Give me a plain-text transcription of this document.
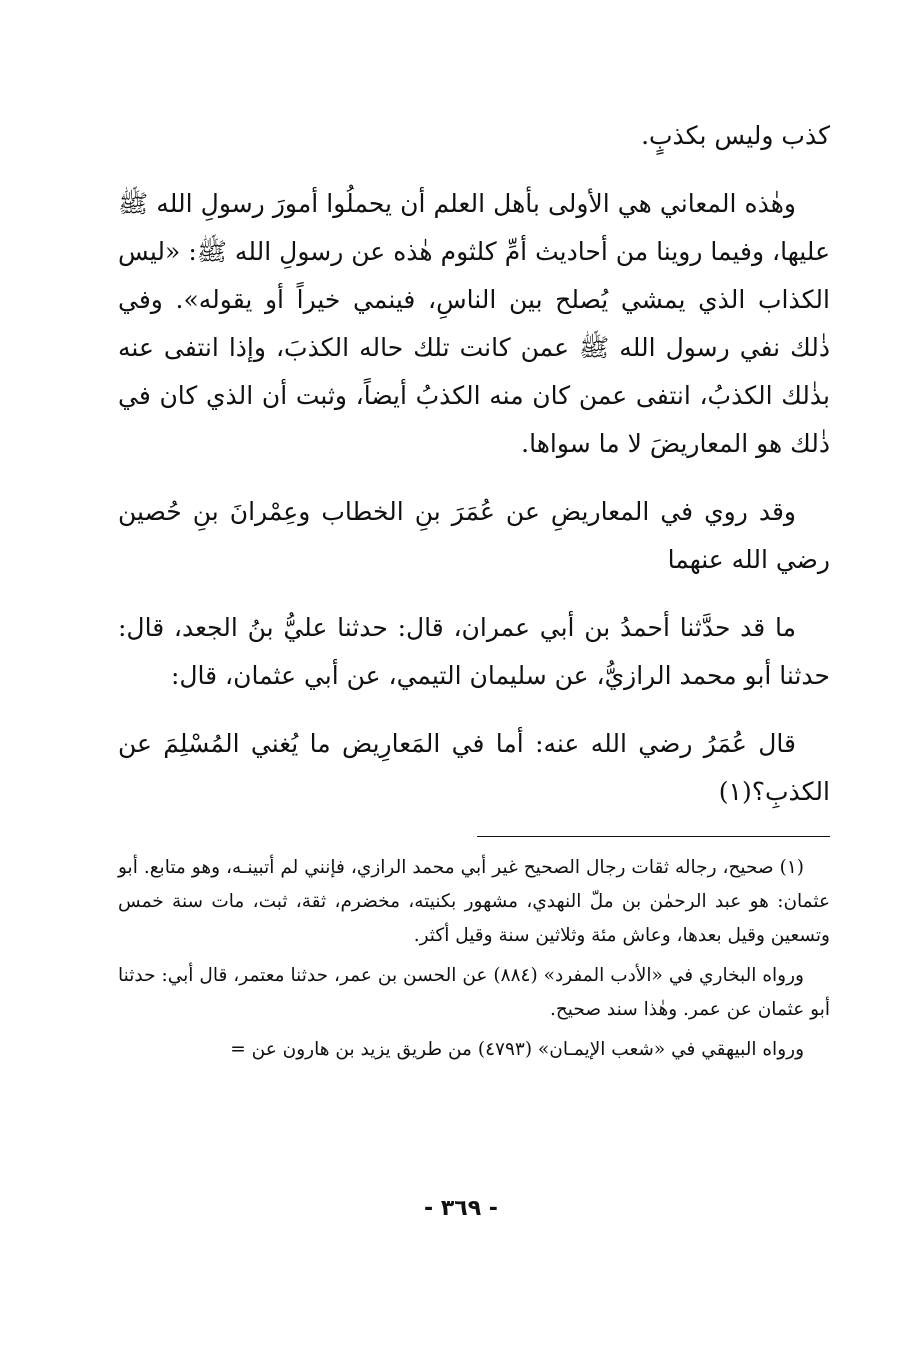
كذب وليس بكذبٍ.

وهٰذه المعاني هي الأولى بأهل العلم أن يحملُوا أمورَ رسولِ الله ﷺ عليها، وفيما روينا من أحاديث أمِّ كلثوم هٰذه عن رسولِ الله ﷺ: «ليس الكذاب الذي يمشي يُصلح بين الناسِ، فينمي خيراً أو يقوله». وفي ذٰلك نفي رسول الله ﷺ عمن كانت تلك حاله الكذبَ، وإذا انتفى عنه بذٰلك الكذبُ، انتفى عمن كان منه الكذبُ أيضاً، وثبت أن الذي كان في ذٰلك هو المعاريضَ لا ما سواها.

وقد روي في المعاريضِ عن عُمَرَ بنِ الخطاب وعِمْرانَ بنِ حُصين رضي الله عنهما

ما قد حدَّثنا أحمدُ بن أبي عمران، قال: حدثنا عليُّ بنُ الجعد، قال: حدثنا أبو محمد الرازيُّ، عن سليمان التيمي، عن أبي عثمان، قال:

قال عُمَرُ رضي الله عنه: أما في المَعارِيض ما يُغني المُسْلِمَ عن الكذبِ؟(١)

(١) صحيح، رجاله ثقات رجال الصحيح غير أبي محمد الرازي، فإنني لم أتبينـه، وهو متابع. أبو عثمان: هو عبد الرحمٰن بن ملّ النهدي، مشهور بكنيته، مخضرم، ثقة، ثبت، مات سنة خمس وتسعين وقيل بعدها، وعاش مئة وثلاثين سنة وقيل أكثر.

ورواه البخاري في «الأدب المفرد» (٨٨٤) عن الحسن بن عمر، حدثنا معتمر، قال أبي: حدثنا أبو عثمان عن عمر. وهٰذا سند صحيح.

ورواه البيهقي في «شعب الإيمـان» (٤٧٩٣) من طريق يزيد بن هارون عن =

- ٣٦٩ -
